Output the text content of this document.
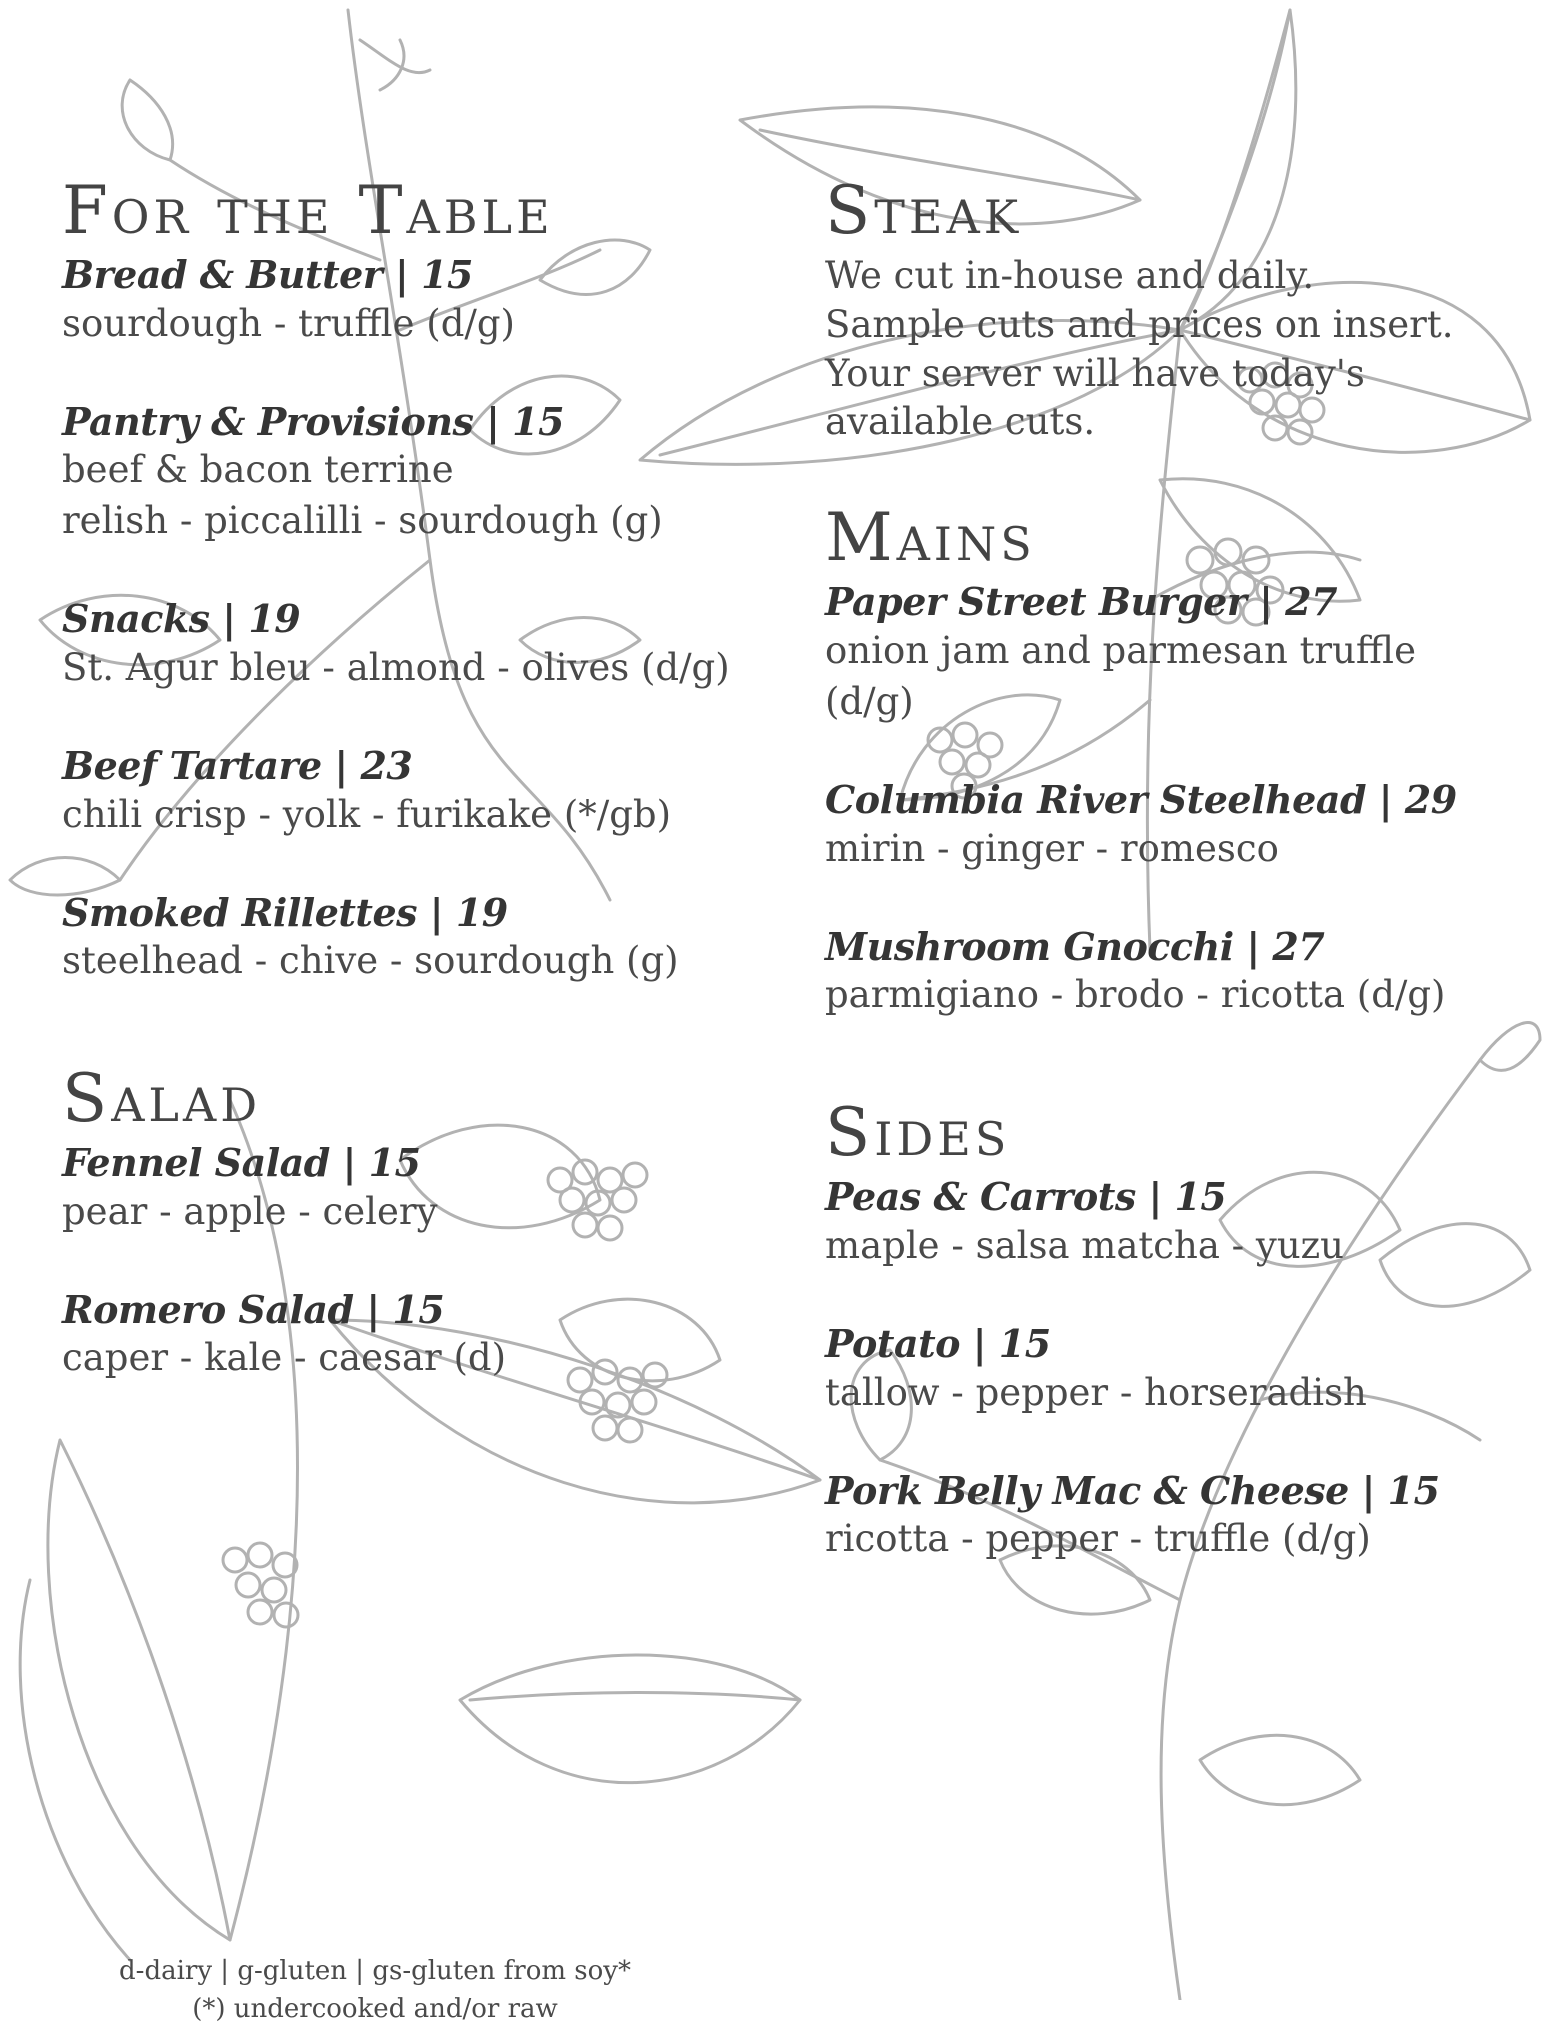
For the Table
Bread & Butter | 15
sourdough - truffle (d/g)
Pantry & Provisions | 15
beef & bacon terrine
relish - piccalilli - sourdough (g)
Snacks | 19
St. Agur bleu - almond - olives (d/g)
Beef Tartare | 23
chili crisp - yolk - furikake (*/gb)
Smoked Rillettes | 19
steelhead - chive - sourdough (g)
Salad
Fennel Salad | 15
pear - apple - celery
Romero Salad | 15
caper - kale - caesar (d)
Steak
We cut in-house and daily.
Sample cuts and prices on insert.
Your server will have today's
available cuts.
Mains
Paper Street Burger | 27
onion jam and parmesan truffle
(d/g)
Columbia River Steelhead | 29
mirin - ginger - romesco
Mushroom Gnocchi | 27
parmigiano - brodo - ricotta (d/g)
Sides
Peas & Carrots | 15
maple - salsa matcha - yuzu
Potato | 15
tallow - pepper - horseradish
Pork Belly Mac & Cheese | 15
ricotta - pepper - truffle (d/g)
d-dairy | g-gluten | gs-gluten from soy*
(*) undercooked and/or raw
